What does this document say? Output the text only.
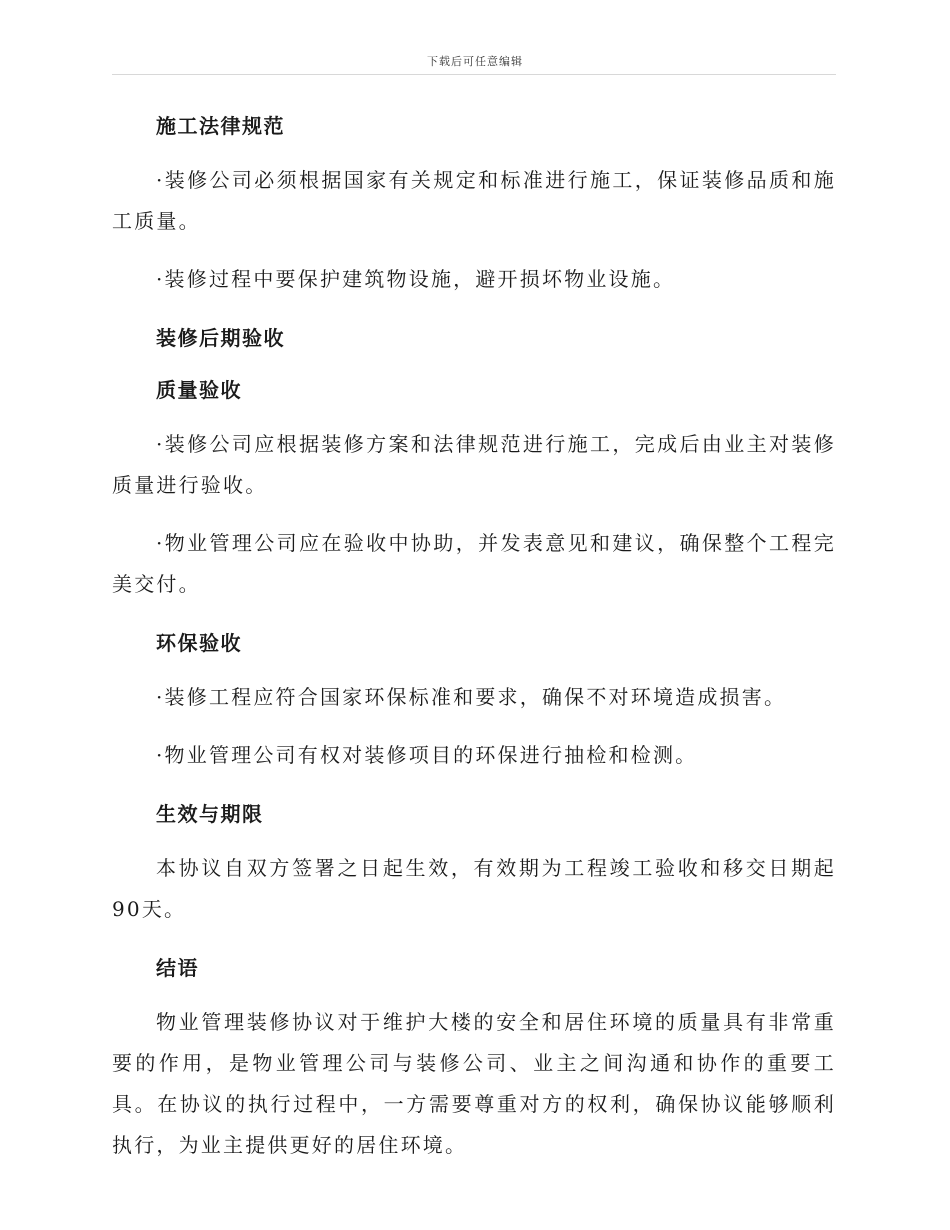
下载后可任意编辑

施工法律规范

·装修公司必须根据国家有关规定和标准进行施工，保证装修品质和施工质量。

·装修过程中要保护建筑物设施，避开损坏物业设施。

装修后期验收

质量验收

·装修公司应根据装修方案和法律规范进行施工，完成后由业主对装修质量进行验收。

·物业管理公司应在验收中协助，并发表意见和建议，确保整个工程完美交付。

环保验收

·装修工程应符合国家环保标准和要求，确保不对环境造成损害。

·物业管理公司有权对装修项目的环保进行抽检和检测。

生效与期限

本协议自双方签署之日起生效，有效期为工程竣工验收和移交日期起90天。

结语

物业管理装修协议对于维护大楼的安全和居住环境的质量具有非常重要的作用，是物业管理公司与装修公司、业主之间沟通和协作的重要工具。在协议的执行过程中，一方需要尊重对方的权利，确保协议能够顺利执行，为业主提供更好的居住环境。
